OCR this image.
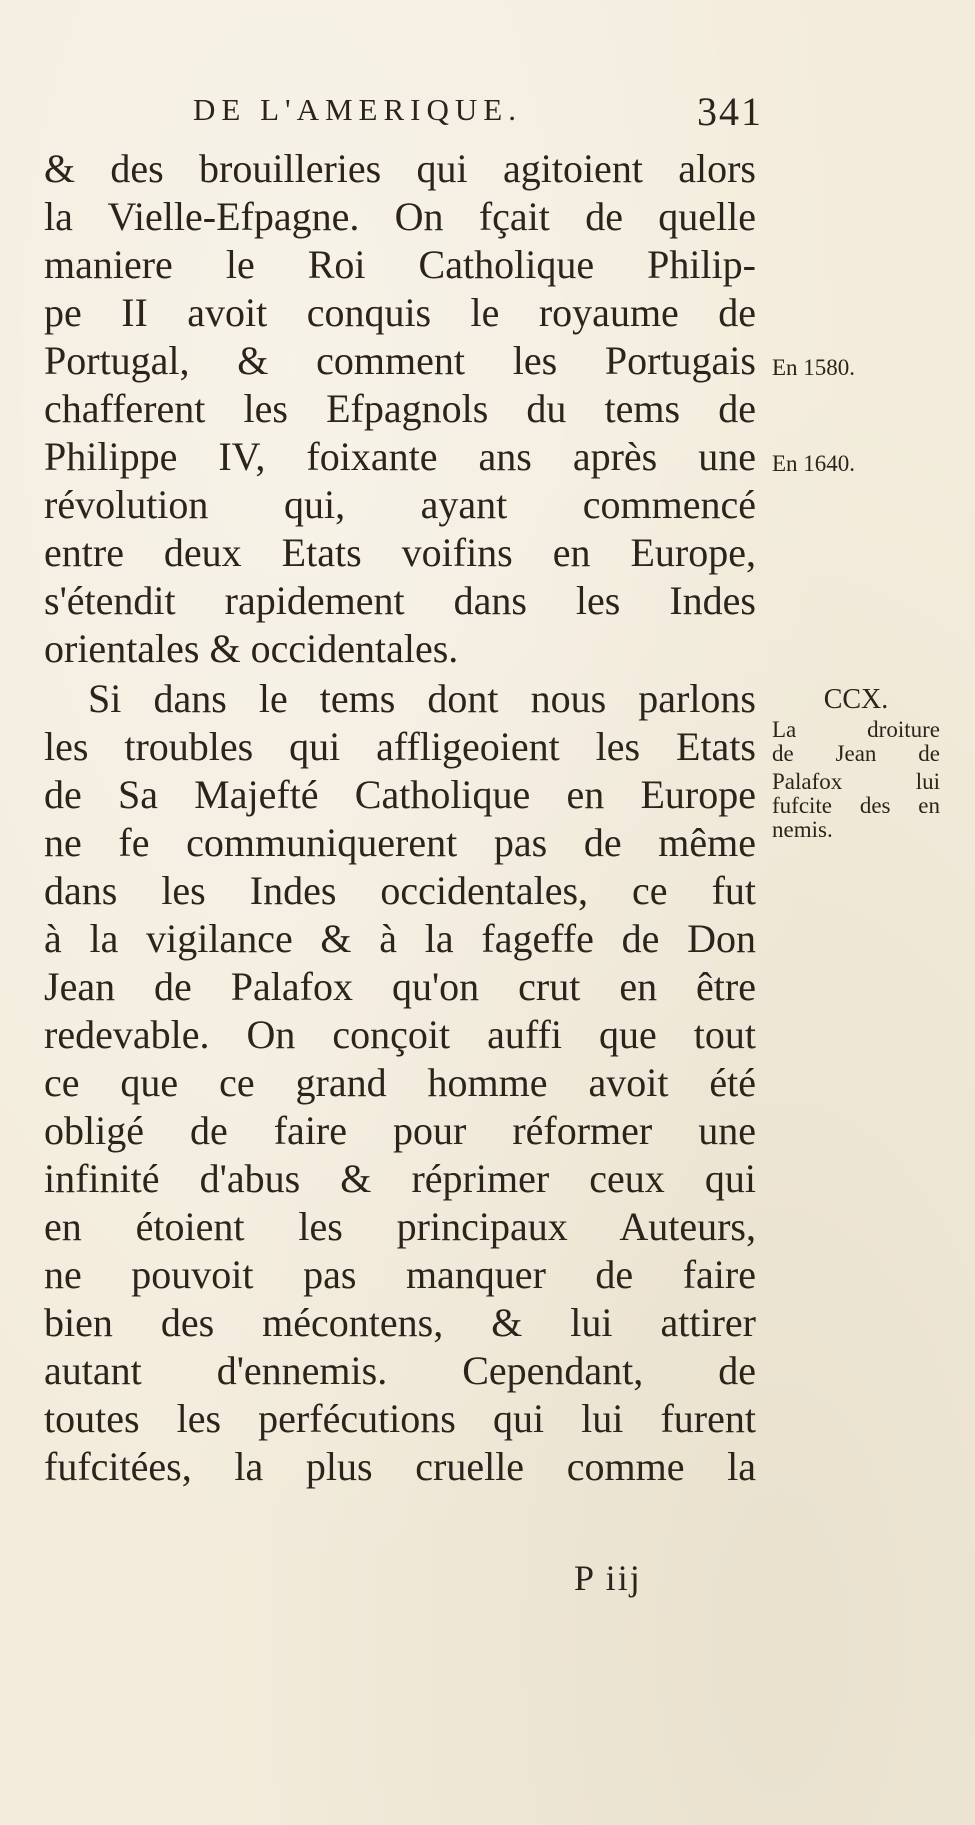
DE L'AMERIQUE.	341
& des brouilleries qui agitoient alors
la Vielle-Efpagne. On fçait de quelle
maniere le Roi Catholique Philip-
pe II avoit conquis le royaume de
Portugal, & comment les Portugais
chafferent les Efpagnols du tems de
Philippe IV, foixante ans après une
révolution qui, ayant commencé
entre deux Etats voifins en Europe,
s'étendit rapidement dans les Indes
orientales & occidentales.
Si dans le tems dont nous parlons
les troubles qui affligeoient les Etats
de Sa Majefté Catholique en Europe
ne fe communiquerent pas de même
dans les Indes occidentales, ce fut
à la vigilance & à la fageffe de Don
Jean de Palafox qu'on crut en être
redevable. On conçoit auffi que tout
ce que ce grand homme avoit été
obligé de faire pour réformer une
infinité d'abus & réprimer ceux qui
en étoient les principaux Auteurs,
ne pouvoit pas manquer de faire
bien des mécontens, & lui attirer
autant d'ennemis. Cependant, de
toutes les perfécutions qui lui furent
fufcitées, la plus cruelle comme la
En 1580.
En 1640.
CCX.
La droiture
de Jean de
Palafox lui
fufcite des en
nemis.
P iij
